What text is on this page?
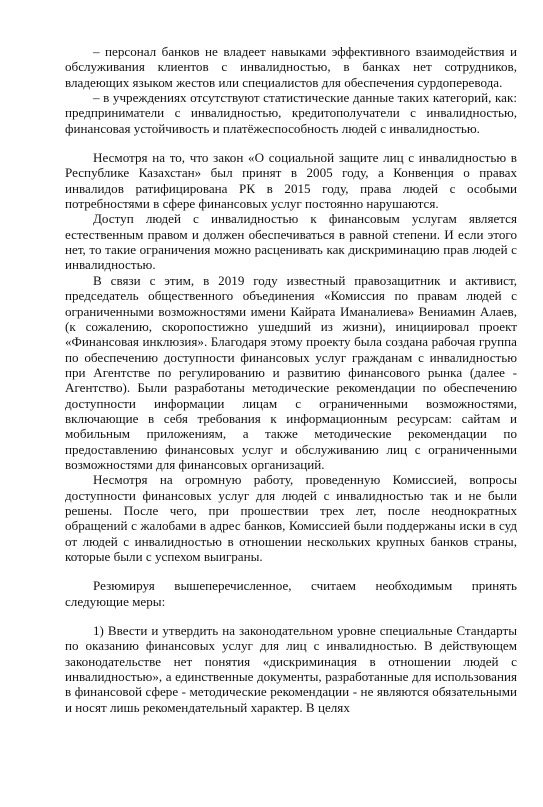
– персонал банков не владеет навыками эффективного взаимодействия и обслуживания клиентов с инвалидностью, в банках нет сотрудников, владеющих языком жестов или специалистов для обеспечения сурдоперевода.

– в учреждениях отсутствуют статистические данные таких категорий, как: предприниматели с инвалидностью, кредитополучатели с инвалидностью, финансовая устойчивость и платёжеспособность людей с инвалидностью.

Несмотря на то, что закон «О социальной защите лиц с инвалидностью в Республике Казахстан» был принят в 2005 году, а Конвенция о правах инвалидов ратифицирована РК в 2015 году, права людей с особыми потребностями в сфере финансовых услуг постоянно нарушаются.

Доступ людей с инвалидностью к финансовым услугам является естественным правом и должен обеспечиваться в равной степени. И если этого нет, то такие ограничения можно расценивать как дискриминацию прав людей с инвалидностью.

В связи с этим, в 2019 году известный правозащитник и активист, председатель общественного объединения «Комиссия по правам людей с ограниченными возможностями имени Кайрата Иманалиева» Вениамин Алаев, (к сожалению, скоропостижно ушедший из жизни), инициировал проект «Финансовая инклюзия». Благодаря этому проекту была создана рабочая группа по обеспечению доступности финансовых услуг гражданам с инвалидностью при Агентстве по регулированию и развитию финансового рынка (далее - Агентство). Были разработаны методические рекомендации по обеспечению доступности информации лицам с ограниченными возможностями, включающие в себя требования к информационным ресурсам: сайтам и мобильным приложениям, а также методические рекомендации по предоставлению финансовых услуг и обслуживанию лиц с ограниченными возможностями для финансовых организаций.

Несмотря на огромную работу, проведенную Комиссией, вопросы доступности финансовых услуг для людей с инвалидностью так и не были решены. После чего, при прошествии трех лет, после неоднократных обращений с жалобами в адрес банков, Комиссией были поддержаны иски в суд от людей с инвалидностью в отношении нескольких крупных банков страны, которые были с успехом выиграны.

Резюмируя вышеперечисленное, считаем необходимым принять следующие меры:

1) Ввести и утвердить на законодательном уровне специальные Стандарты по оказанию финансовых услуг для лиц с инвалидностью. В действующем законодательстве нет понятия «дискриминация в отношении людей с инвалидностью», а единственные документы, разработанные для использования в финансовой сфере - методические рекомендации - не являются обязательными и носят лишь рекомендательный характер. В целях
